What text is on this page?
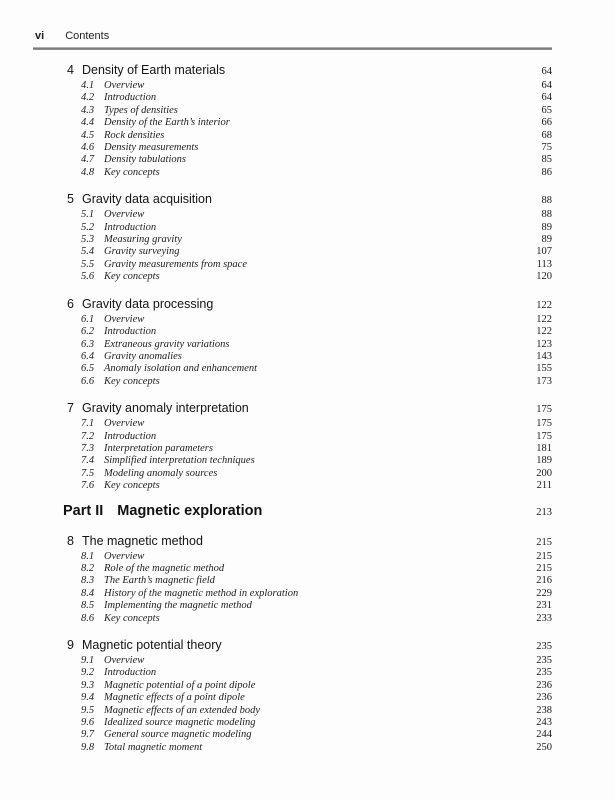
vi Contents
4 Density of Earth materials	64
4.1 Overview	64
4.2 Introduction	64
4.3 Types of densities	65
4.4 Density of the Earth’s interior	66
4.5 Rock densities	68
4.6 Density measurements	75
4.7 Density tabulations	85
4.8 Key concepts	86
5 Gravity data acquisition	88
5.1 Overview	88
5.2 Introduction	89
5.3 Measuring gravity	89
5.4 Gravity surveying	107
5.5 Gravity measurements from space	113
5.6 Key concepts	120
6 Gravity data processing	122
6.1 Overview	122
6.2 Introduction	122
6.3 Extraneous gravity variations	123
6.4 Gravity anomalies	143
6.5 Anomaly isolation and enhancement	155
6.6 Key concepts	173
7 Gravity anomaly interpretation	175
7.1 Overview	175
7.2 Introduction	175
7.3 Interpretation parameters	181
7.4 Simplified interpretation techniques	189
7.5 Modeling anomaly sources	200
7.6 Key concepts	211
Part II Magnetic exploration	213
8 The magnetic method	215
8.1 Overview	215
8.2 Role of the magnetic method	215
8.3 The Earth’s magnetic field	216
8.4 History of the magnetic method in exploration	229
8.5 Implementing the magnetic method	231
8.6 Key concepts	233
9 Magnetic potential theory	235
9.1 Overview	235
9.2 Introduction	235
9.3 Magnetic potential of a point dipole	236
9.4 Magnetic effects of a point dipole	236
9.5 Magnetic effects of an extended body	238
9.6 Idealized source magnetic modeling	243
9.7 General source magnetic modeling	244
9.8 Total magnetic moment	250
